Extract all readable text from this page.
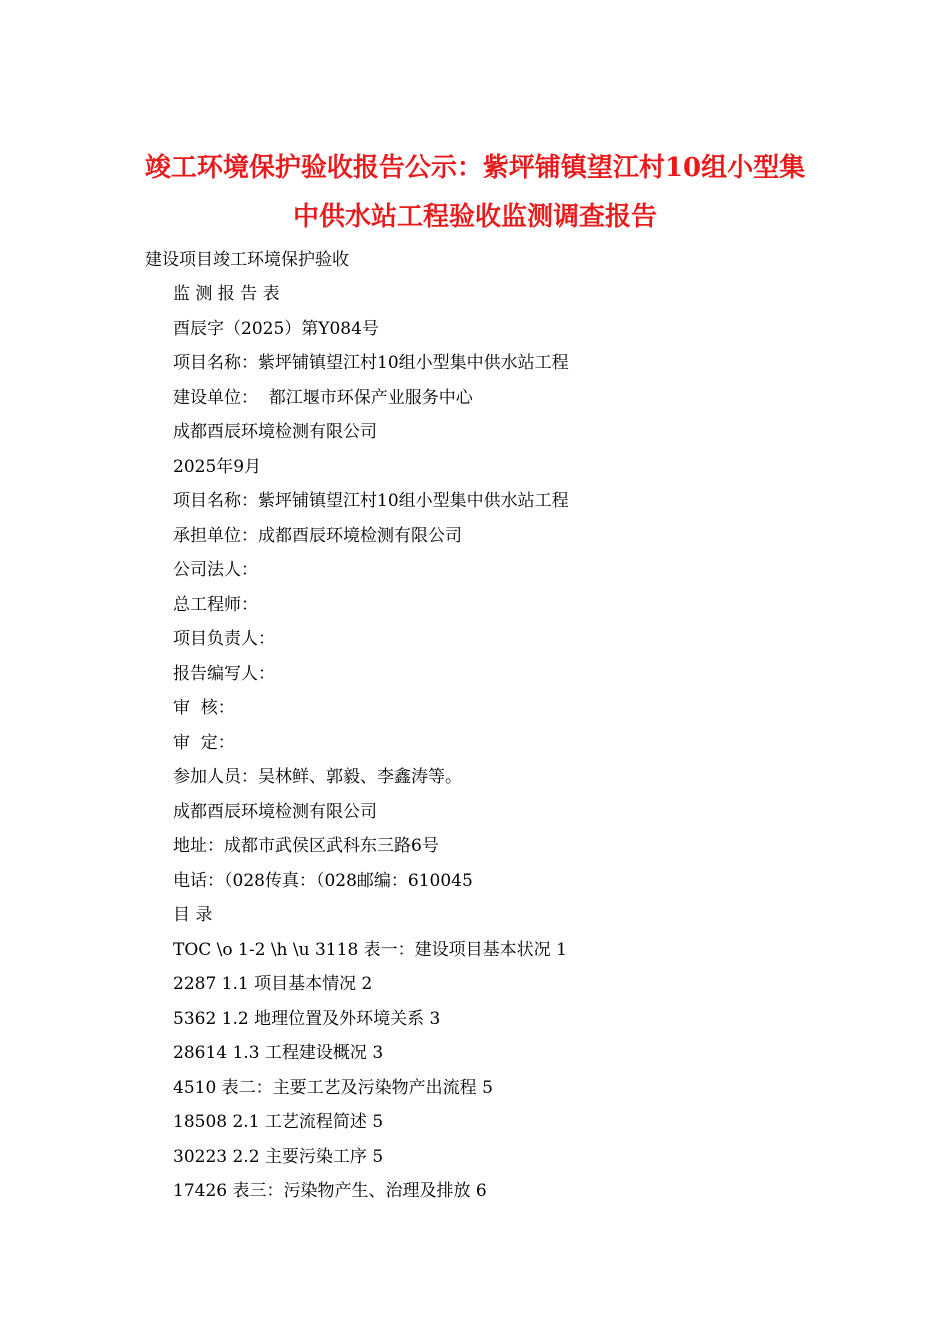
竣工环境保护验收报告公示：紫坪铺镇望江村10组小型集
中供水站工程验收监测调查报告
建设项目竣工环境保护验收
监 测 报 告 表
酉辰字（2025）第Y084号
项目名称：紫坪铺镇望江村10组小型集中供水站工程
建设单位：  都江堰市环保产业服务中心
成都酉辰环境检测有限公司
2025年9月
项目名称：紫坪铺镇望江村10组小型集中供水站工程
承担单位：成都酉辰环境检测有限公司
公司法人：
总工程师：
项目负责人：
报告编写人：
审  核：
审  定：
参加人员：吴林鲜、郭毅、李鑫涛等。
成都酉辰环境检测有限公司
地址：成都市武侯区武科东三路6号
电话：（028传真：（028邮编：610045
目 录
TOC \o 1-2 \h \u 3118 表一：建设项目基本状况 1
2287 1.1 项目基本情况 2
5362 1.2 地理位置及外环境关系 3
28614 1.3 工程建设概况 3
4510 表二：主要工艺及污染物产出流程 5
18508 2.1 工艺流程简述 5
30223 2.2 主要污染工序 5
17426 表三：污染物产生、治理及排放 6
